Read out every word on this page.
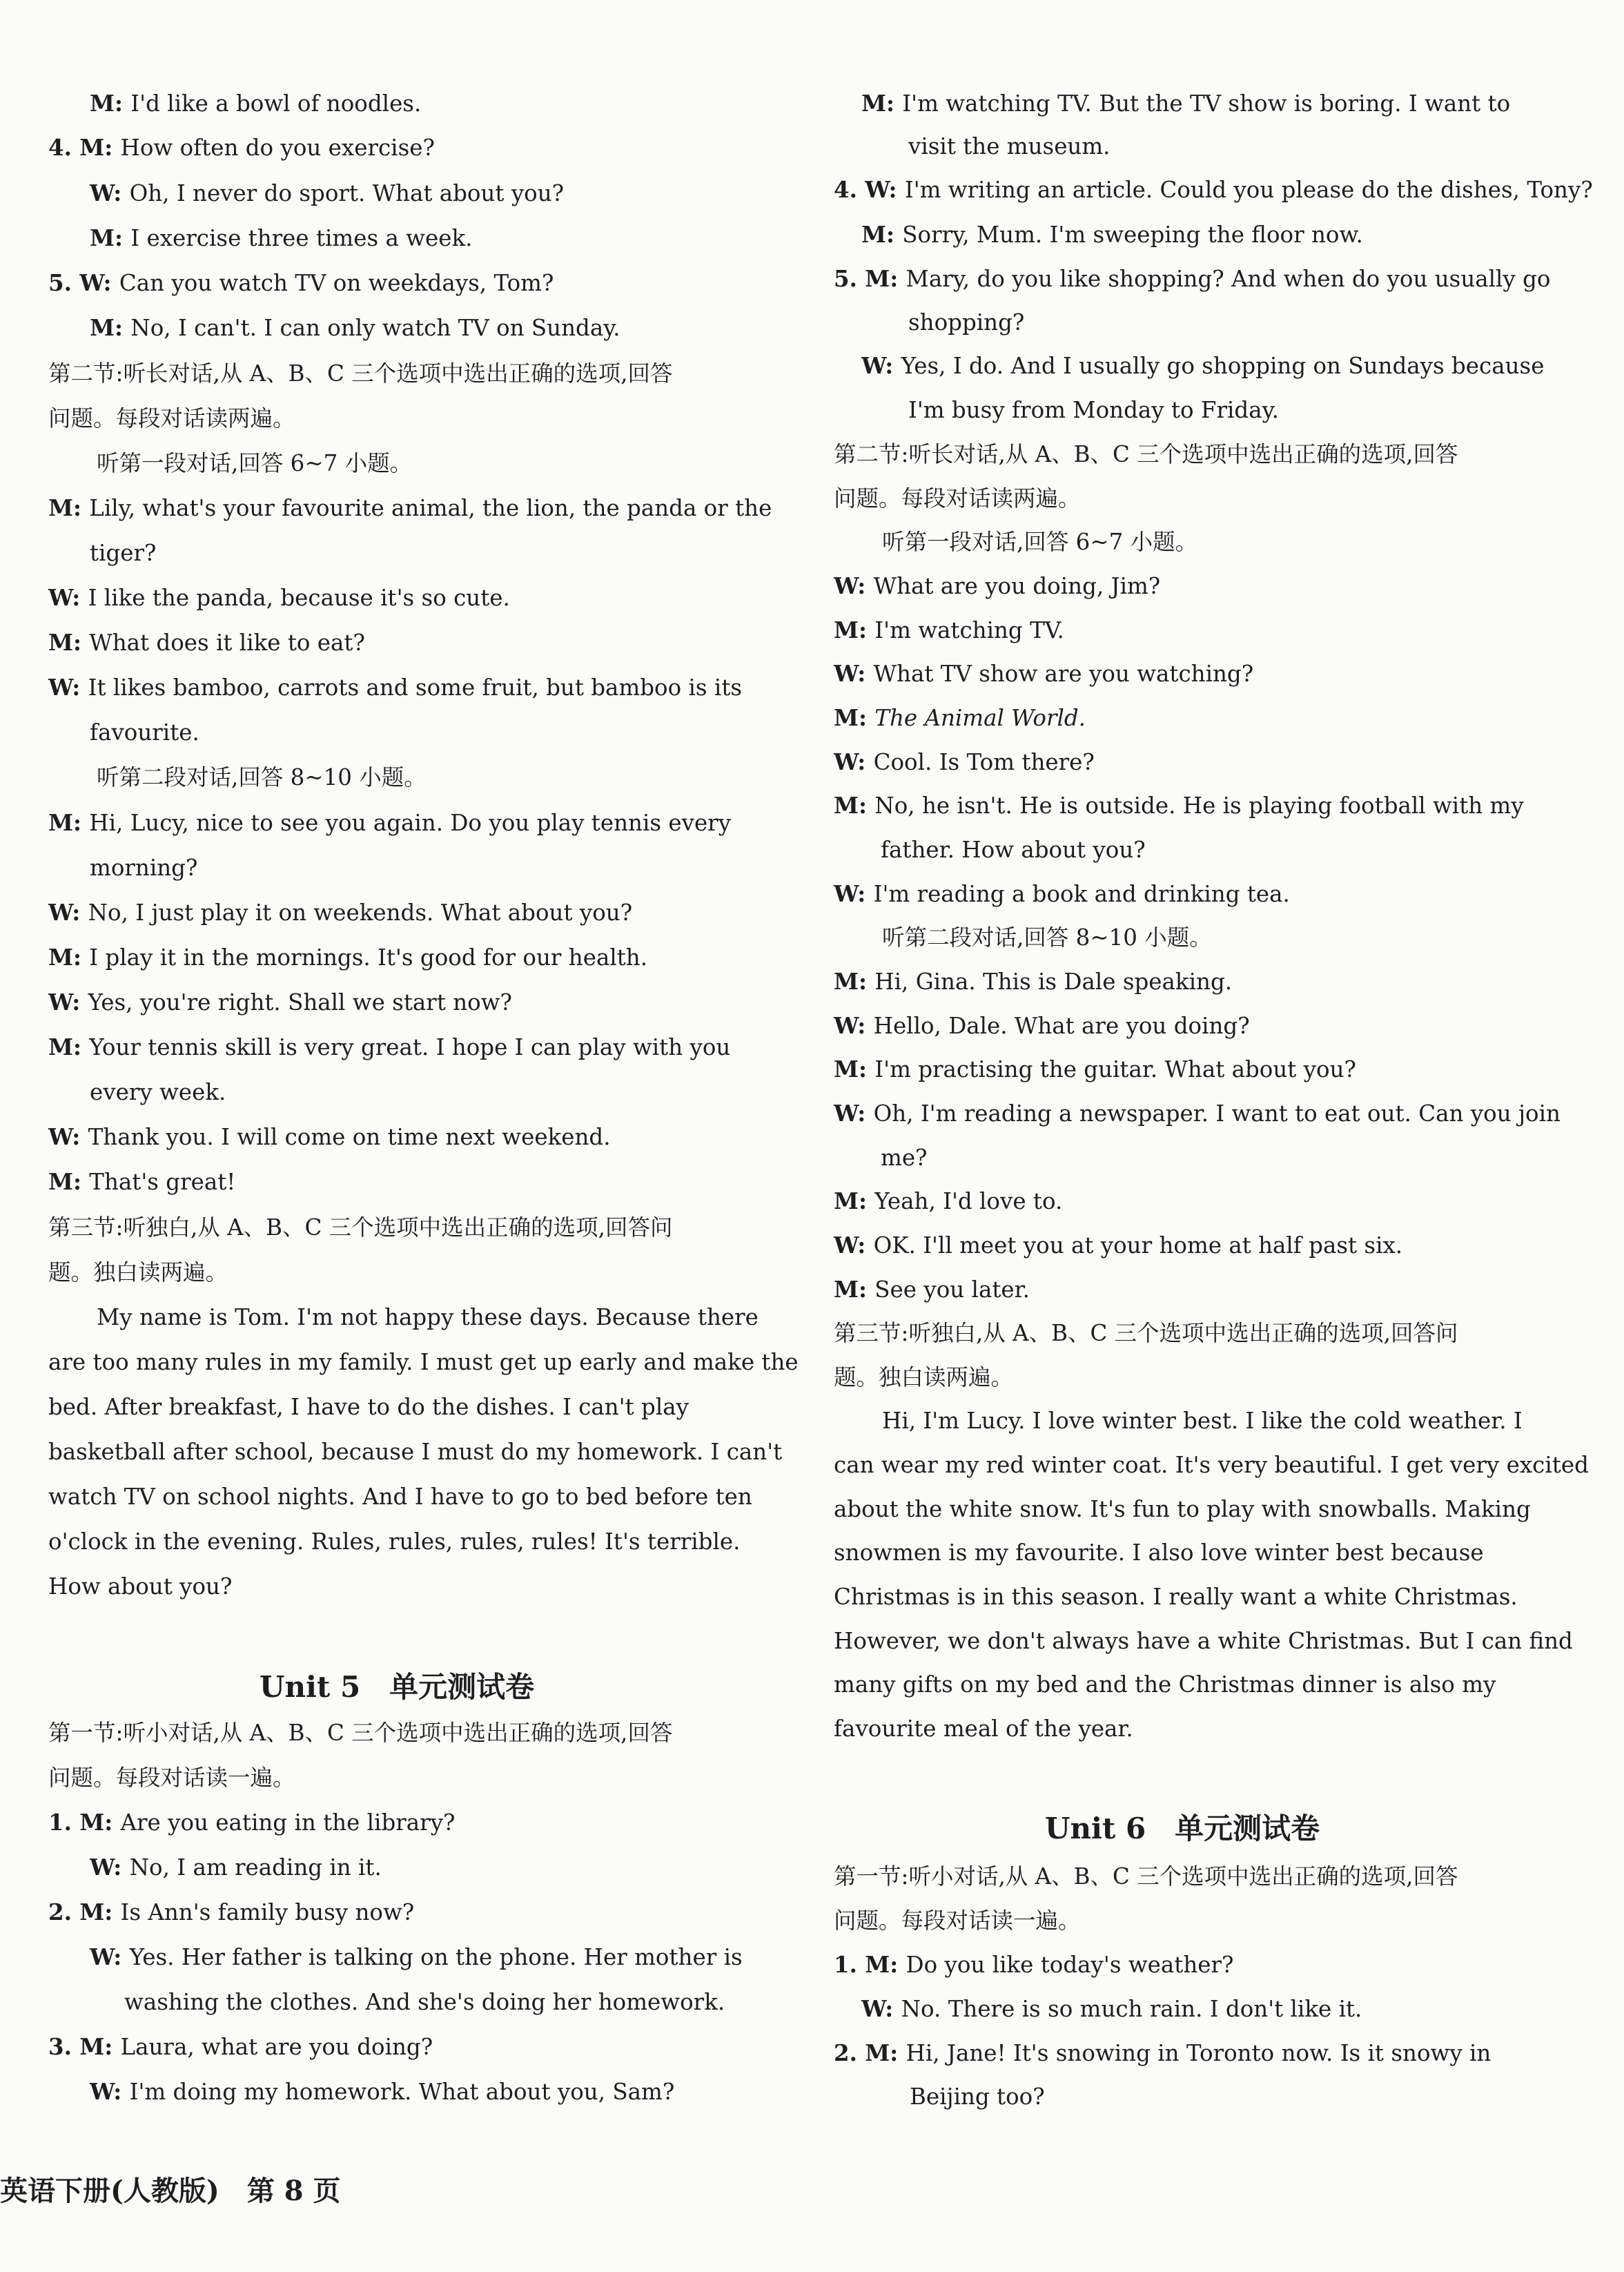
M: I'd like a bowl of noodles.
4. M: How often do you exercise?
W: Oh, I never do sport. What about you?
M: I exercise three times a week.
5. W: Can you watch TV on weekdays, Tom?
M: No, I can't. I can only watch TV on Sunday.
第二节:听长对话,从 A、B、C 三个选项中选出正确的选项,回答
问题。每段对话读两遍。
听第一段对话,回答 6~7 小题。
M: Lily, what's your favourite animal, the lion, the panda or the
tiger?
W: I like the panda, because it's so cute.
M: What does it like to eat?
W: It likes bamboo, carrots and some fruit, but bamboo is its
favourite.
听第二段对话,回答 8~10 小题。
M: Hi, Lucy, nice to see you again. Do you play tennis every
morning?
W: No, I just play it on weekends. What about you?
M: I play it in the mornings. It's good for our health.
W: Yes, you're right. Shall we start now?
M: Your tennis skill is very great. I hope I can play with you
every week.
W: Thank you. I will come on time next weekend.
M: That's great!
第三节:听独白,从 A、B、C 三个选项中选出正确的选项,回答问
题。独白读两遍。
My name is Tom. I'm not happy these days. Because there
are too many rules in my family. I must get up early and make the
bed. After breakfast, I have to do the dishes. I can't play
basketball after school, because I must do my homework. I can't
watch TV on school nights. And I have to go to bed before ten
o'clock in the evening. Rules, rules, rules, rules! It's terrible.
How about you?
Unit 5　单元测试卷
第一节:听小对话,从 A、B、C 三个选项中选出正确的选项,回答
问题。每段对话读一遍。
1. M: Are you eating in the library?
W: No, I am reading in it.
2. M: Is Ann's family busy now?
W: Yes. Her father is talking on the phone. Her mother is
washing the clothes. And she's doing her homework.
3. M: Laura, what are you doing?
W: I'm doing my homework. What about you, Sam?
M: I'm watching TV. But the TV show is boring. I want to
visit the museum.
4. W: I'm writing an article. Could you please do the dishes, Tony?
M: Sorry, Mum. I'm sweeping the floor now.
5. M: Mary, do you like shopping? And when do you usually go
shopping?
W: Yes, I do. And I usually go shopping on Sundays because
I'm busy from Monday to Friday.
第二节:听长对话,从 A、B、C 三个选项中选出正确的选项,回答
问题。每段对话读两遍。
听第一段对话,回答 6~7 小题。
W: What are you doing, Jim?
M: I'm watching TV.
W: What TV show are you watching?
M: The Animal World.
W: Cool. Is Tom there?
M: No, he isn't. He is outside. He is playing football with my
father. How about you?
W: I'm reading a book and drinking tea.
听第二段对话,回答 8~10 小题。
M: Hi, Gina. This is Dale speaking.
W: Hello, Dale. What are you doing?
M: I'm practising the guitar. What about you?
W: Oh, I'm reading a newspaper. I want to eat out. Can you join
me?
M: Yeah, I'd love to.
W: OK. I'll meet you at your home at half past six.
M: See you later.
第三节:听独白,从 A、B、C 三个选项中选出正确的选项,回答问
题。独白读两遍。
Hi, I'm Lucy. I love winter best. I like the cold weather. I
can wear my red winter coat. It's very beautiful. I get very excited
about the white snow. It's fun to play with snowballs. Making
snowmen is my favourite. I also love winter best because
Christmas is in this season. I really want a white Christmas.
However, we don't always have a white Christmas. But I can find
many gifts on my bed and the Christmas dinner is also my
favourite meal of the year.
Unit 6　单元测试卷
第一节:听小对话,从 A、B、C 三个选项中选出正确的选项,回答
问题。每段对话读一遍。
1. M: Do you like today's weather?
W: No. There is so much rain. I don't like it.
2. M: Hi, Jane! It's snowing in Toronto now. Is it snowy in
Beijing too?
英语下册(人教版)　第 8 页
